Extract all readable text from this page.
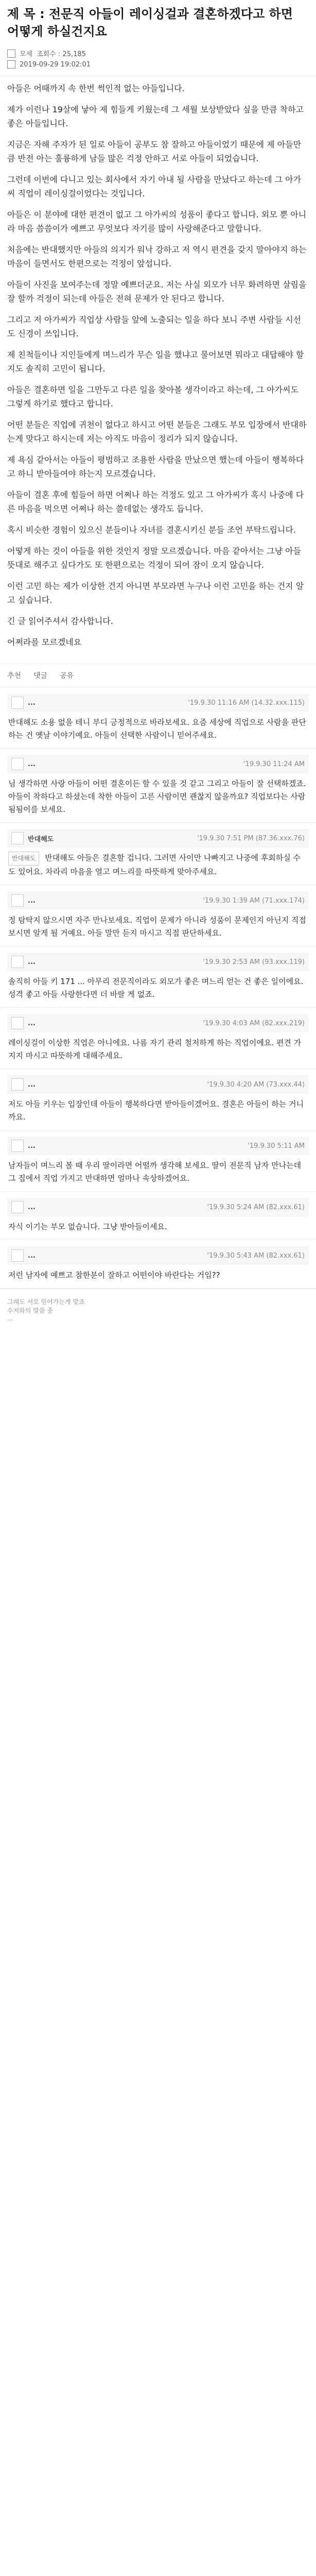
제 목 : 전문직 아들이 레이싱걸과 결혼하겠다고 하면 어떻게 하실건지요
모세 조회수 : 25,185
2019-09-29 19:02:01

아들은 어때까지 속 한번 썩인적 없는 아들입니다.

제가 이런나 19살에 낳아 제 힘들게 키웠는데 그 세월 보상받았다 싶을 만큼 착하고 좋은 아들입니다.

지금은 자해 주자가 된 일로 아들이 공부도 참 잘하고 아들이었기 때문에 제 아들만큼 반전 아는 훌륭하게 남들 많은 걱정 안하고 서로 아들이 되었습니다.

그런데 이번에 다니고 있는 회사에서 자기 아내 될 사람을 만났다고 하는데 그 아가씨 직업이 레이싱걸이었다는 것입니다.

아들은 이 분야에 대한 편견이 없고 그 아가씨의 성품이 좋다고 합니다. 외모 뿐 아니라 마음 씀씀이가 예쁘고 무엇보다 자기를 많이 사랑해준다고 말합니다.

처음에는 반대했지만 아들의 의지가 워낙 강하고 저 역시 편견을 갖지 말아야지 하는 마음이 들면서도 한편으로는 걱정이 앞섭니다.

아들이 사진을 보여주는데 정말 예쁘더군요. 저는 사실 외모가 너무 화려하면 살림을 잘 할까 걱정이 되는데 아들은 전혀 문제가 안 된다고 합니다.

그리고 저 아가씨가 직업상 사람들 앞에 노출되는 일을 하다 보니 주변 사람들 시선도 신경이 쓰입니다.

제 친척들이나 지인들에게 며느리가 무슨 일을 했냐고 물어보면 뭐라고 대답해야 할지도 솔직히 고민이 됩니다.

아들은 결혼하면 일을 그만두고 다른 일을 찾아볼 생각이라고 하는데, 그 아가씨도 그렇게 하기로 했다고 합니다.

어떤 분들은 직업에 귀천이 없다고 하시고 어떤 분들은 그래도 부모 입장에서 반대하는게 맞다고 하시는데 저는 아직도 마음이 정리가 되지 않습니다.

제 욕심 같아서는 아들이 평범하고 조용한 사람을 만났으면 했는데 아들이 행복하다고 하니 받아들여야 하는지 모르겠습니다.

아들이 결혼 후에 힘들어 하면 어쩌나 하는 걱정도 있고 그 아가씨가 혹시 나중에 다른 마음을 먹으면 어쩌나 하는 쓸데없는 생각도 듭니다.

혹시 비슷한 경험이 있으신 분들이나 자녀를 결혼시키신 분들 조언 부탁드립니다.

어떻게 하는 것이 아들을 위한 것인지 정말 모르겠습니다. 마음 같아서는 그냥 아들 뜻대로 해주고 싶다가도 또 한편으로는 걱정이 되어 잠이 오지 않습니다.

이런 고민 하는 제가 이상한 건지 아니면 부모라면 누구나 이런 고민을 하는 건지 알고 싶습니다.

긴 글 읽어주셔서 감사합니다.

어쩌라를 모르겠네요

추천 댓글 공유
...	'19.9.30 11:16 AM (14.32.xxx.115)
반대해도 소용 없을 테니 부디 긍정적으로 바라보세요. 요즘 세상에 직업으로 사람을 판단하는 건 옛날 이야기예요. 아들이 선택한 사람이니 믿어주세요.
...	'19.9.30 11:24 AM
님 생각하면 사랑 아들이 어떤 결혼이든 할 수 있을 것 같고 그리고 아들이 잘 선택하겠죠. 아들이 착하다고 하셨는데 착한 아들이 고른 사람이면 괜찮지 않을까요? 직업보다는 사람 됨됨이를 보세요.
반대해도	'19.9.30 7:51 PM (87.36.xxx.76)
반대해도 반대해도 아들은 결혼할 겁니다. 그러면 사이만 나빠지고 나중에 후회하실 수도 있어요. 차라리 마음을 열고 며느리를 따뜻하게 맞아주세요.
...	'19.9.30 1:39 AM (71.xxx.174)
정 탐탁지 않으시면 자주 만나보세요. 직업이 문제가 아니라 성품이 문제인지 아닌지 직접 보시면 알게 될 거예요. 아들 말만 듣지 마시고 직접 판단하세요.
...	'19.9.30 2:53 AM (93.xxx.119)
솔직히 아들 키 171 ... 아무리 전문직이라도 외모가 좋은 며느리 얻는 건 좋은 일이에요. 성격 좋고 아들 사랑한다면 더 바랄 게 없죠.
...	'19.9.30 4:03 AM (82.xxx.219)
레이싱걸이 이상한 직업은 아니에요. 나름 자기 관리 철저하게 하는 직업이에요. 편견 가지지 마시고 따뜻하게 대해주세요.
...	'19.9.30 4:20 AM (73.xxx.44)
저도 아들 키우는 입장인데 아들이 행복하다면 받아들이겠어요. 결혼은 아들이 하는 거니까요.
...	'19.9.30 5:11 AM
남자들이 며느리 볼 때 우리 딸이라면 어떨까 생각해 보세요. 딸이 전문직 남자 만나는데 그 집에서 직업 가지고 반대하면 얼마나 속상하겠어요.
...	'19.9.30 5:24 AM (82.xxx.61)
자식 이기는 부모 없습니다. 그냥 받아들이세요.
...	'19.9.30 5:43 AM (82.xxx.61)
저런 남자에 예쁘고 참한분이 잘하고 어떤이야 바란다는 거임??
그래도 서로 믿어가는게 맞죠
수저와의 말씀 중
...
